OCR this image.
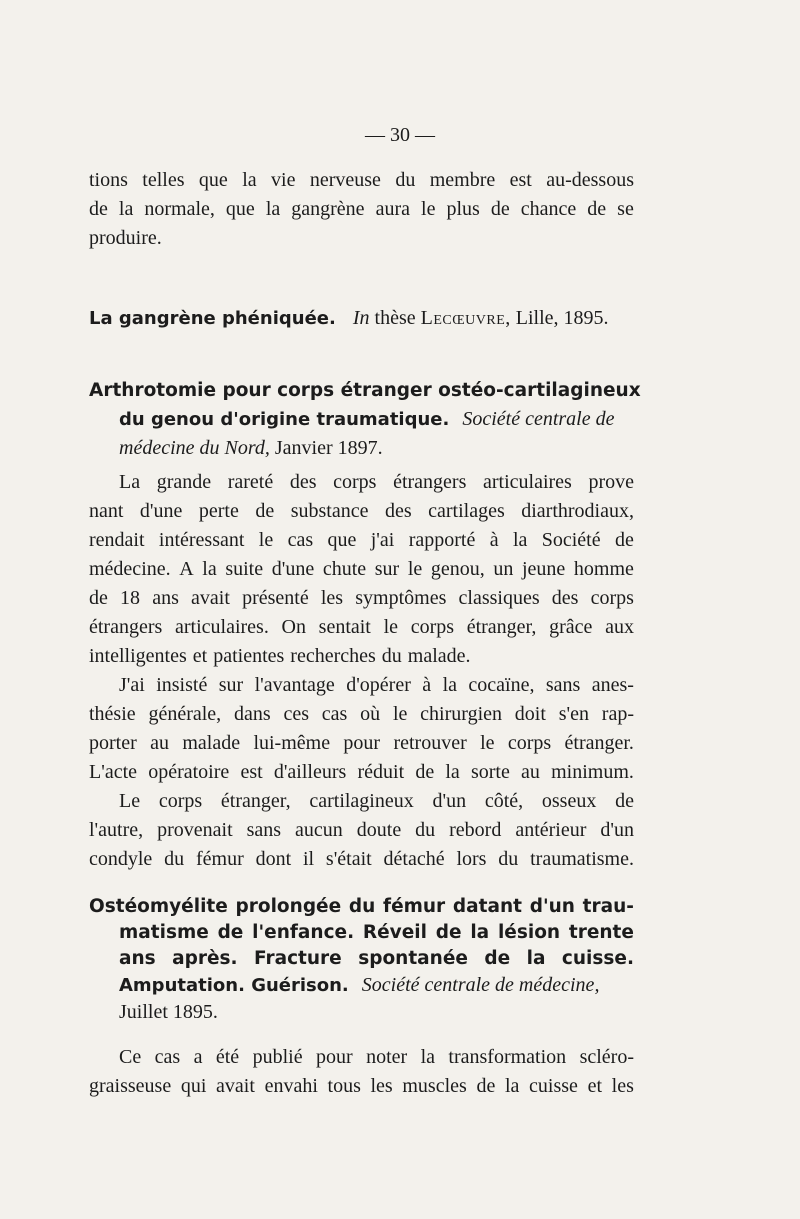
— 30 —
tions telles que la vie nerveuse du membre est au-dessous
de la normale, que la gangrène aura le plus de chance de se
produire.
La gangrène phéniquée. In thèse Lecœuvre, Lille, 1895.
Arthrotomie pour corps étranger ostéo-cartilagineux
du genou d'origine traumatique. Société centrale de
médecine du Nord, Janvier 1897.
La grande rareté des corps étrangers articulaires prove
nant d'une perte de substance des cartilages diarthrodiaux,
rendait intéressant le cas que j'ai rapporté à la Société de
médecine. A la suite d'une chute sur le genou, un jeune homme
de 18 ans avait présenté les symptômes classiques des corps
étrangers articulaires. On sentait le corps étranger, grâce aux
intelligentes et patientes recherches du malade.
J'ai insisté sur l'avantage d'opérer à la cocaïne, sans anes-
thésie générale, dans ces cas où le chirurgien doit s'en rap-
porter au malade lui-même pour retrouver le corps étranger.
L'acte opératoire est d'ailleurs réduit de la sorte au minimum.
Le corps étranger, cartilagineux d'un côté, osseux de
l'autre, provenait sans aucun doute du rebord antérieur d'un
condyle du fémur dont il s'était détaché lors du traumatisme.
Ostéomyélite prolongée du fémur datant d'un trau-
matisme de l'enfance. Réveil de la lésion trente
ans après. Fracture spontanée de la cuisse.
Amputation. Guérison. Société centrale de médecine,
Juillet 1895.
Ce cas a été publié pour noter la transformation scléro-
graisseuse qui avait envahi tous les muscles de la cuisse et les
